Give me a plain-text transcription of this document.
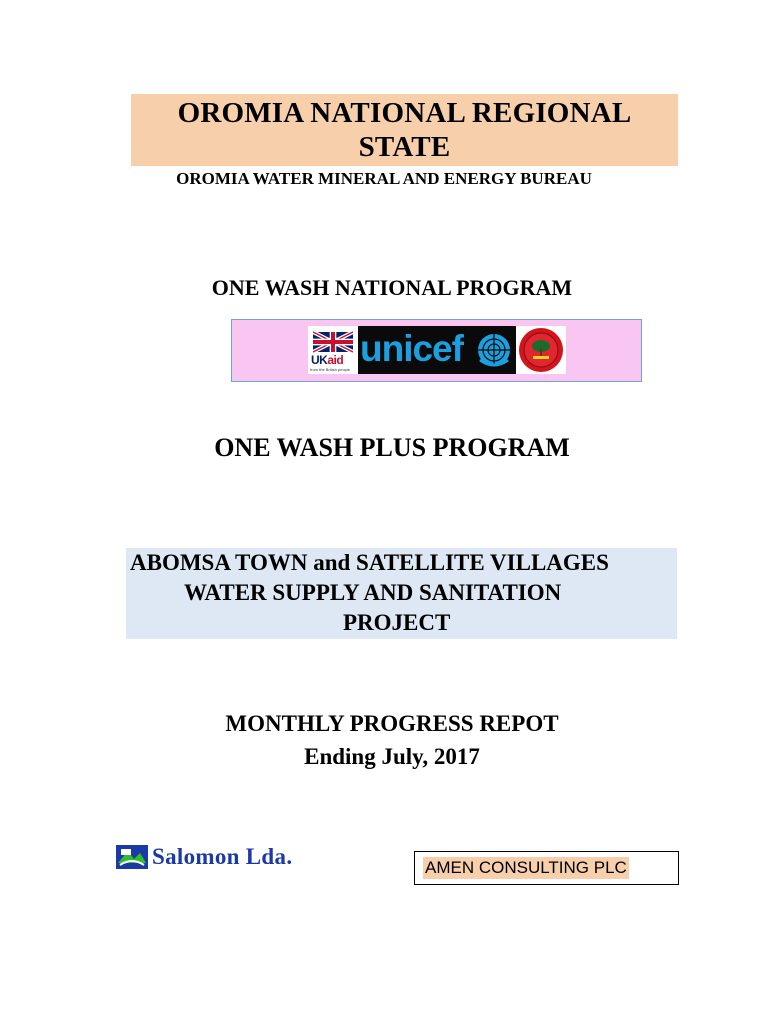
OROMIA NATIONAL REGIONAL
STATE
OROMIA WATER MINERAL AND ENERGY BUREAU
ONE WASH NATIONAL PROGRAM
UKaid
from the British people
unicef
ONE WASH PLUS PROGRAM
ABOMSA TOWN and SATELLITE VILLAGES
WATER SUPPLY AND SANITATION
PROJECT
MONTHLY PROGRESS REPOT
Ending July, 2017
Salomon Lda.	AMEN CONSULTING PLC
